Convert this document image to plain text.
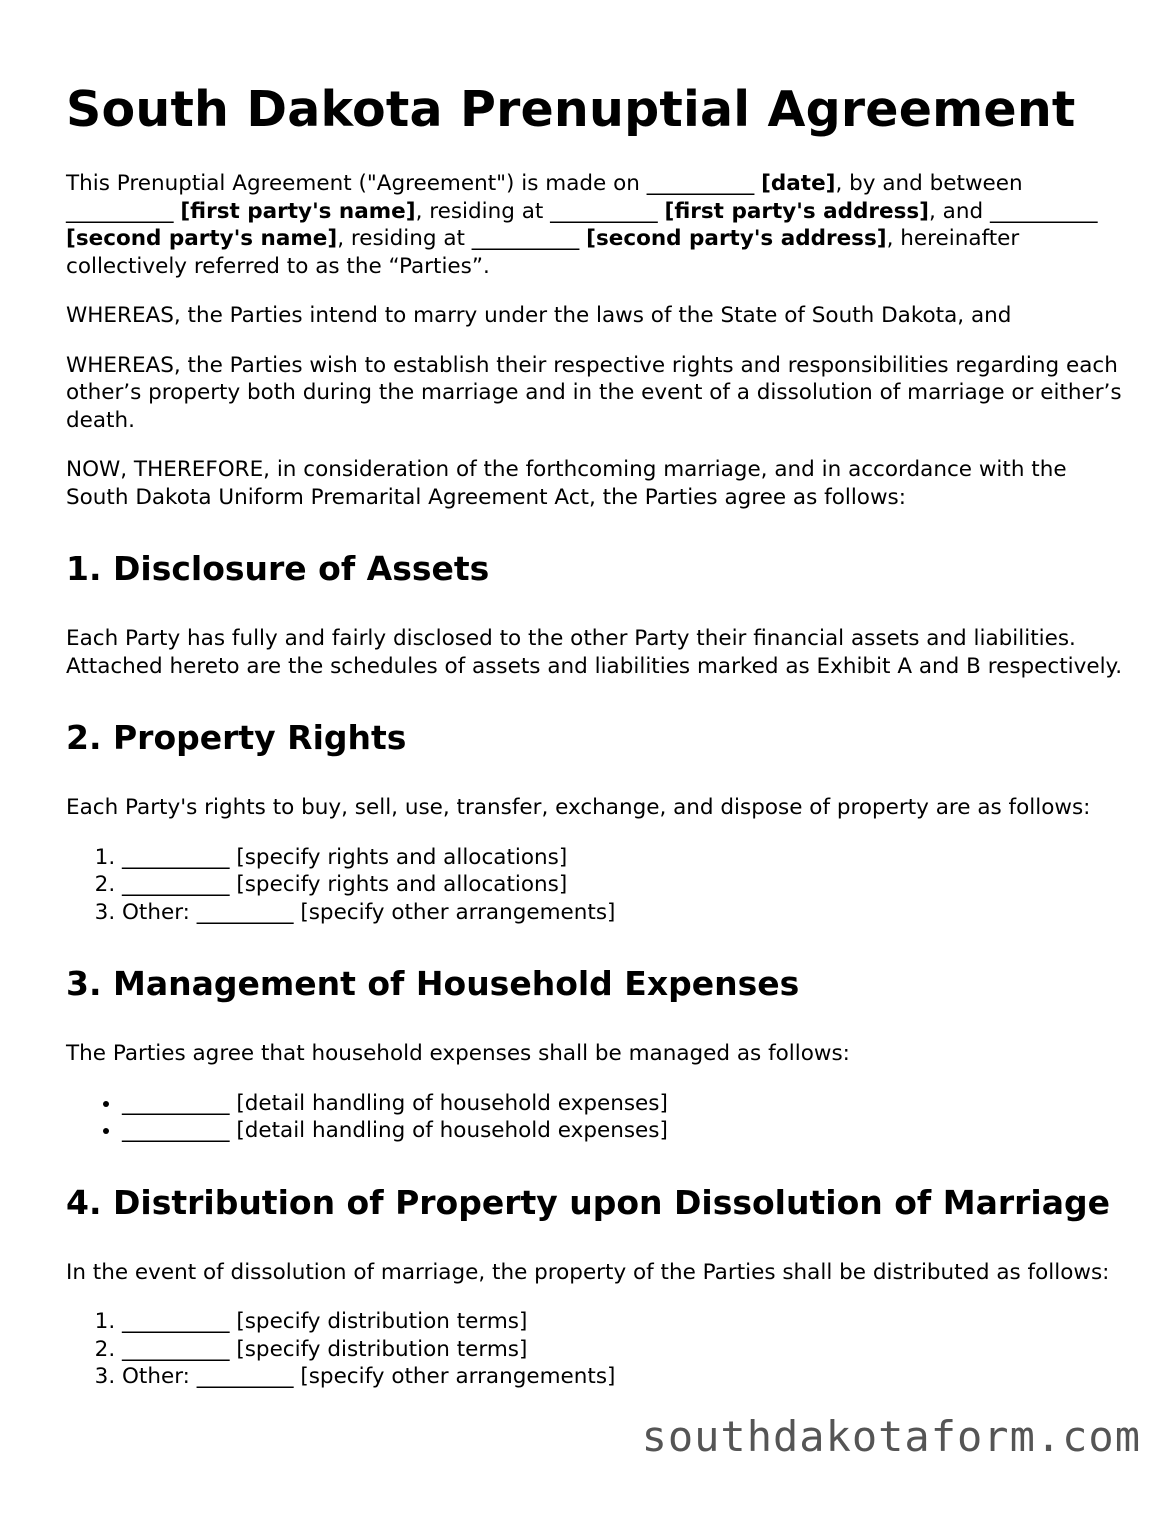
South Dakota Prenuptial Agreement

This Prenuptial Agreement ("Agreement") is made on __________ [date], by and between __________ [first party's name], residing at __________ [first party's address], and __________ [second party's name], residing at __________ [second party's address], hereinafter collectively referred to as the “Parties”.

WHEREAS, the Parties intend to marry under the laws of the State of South Dakota, and

WHEREAS, the Parties wish to establish their respective rights and responsibilities regarding each other’s property both during the marriage and in the event of a dissolution of marriage or either’s death.

NOW, THEREFORE, in consideration of the forthcoming marriage, and in accordance with the South Dakota Uniform Premarital Agreement Act, the Parties agree as follows:

1. Disclosure of Assets

Each Party has fully and fairly disclosed to the other Party their financial assets and liabilities. Attached hereto are the schedules of assets and liabilities marked as Exhibit A and B respectively.

2. Property Rights

Each Party's rights to buy, sell, use, transfer, exchange, and dispose of property are as follows:

1. __________ [specify rights and allocations]
2. __________ [specify rights and allocations]
3. Other: _________ [specify other arrangements]
3. Management of Household Expenses

The Parties agree that household expenses shall be managed as follows:

• __________ [detail handling of household expenses]
• __________ [detail handling of household expenses]
4. Distribution of Property upon Dissolution of Marriage

In the event of dissolution of marriage, the property of the Parties shall be distributed as follows:

1. __________ [specify distribution terms]
2. __________ [specify distribution terms]
3. Other: _________ [specify other arrangements]
southdakotaform.com
